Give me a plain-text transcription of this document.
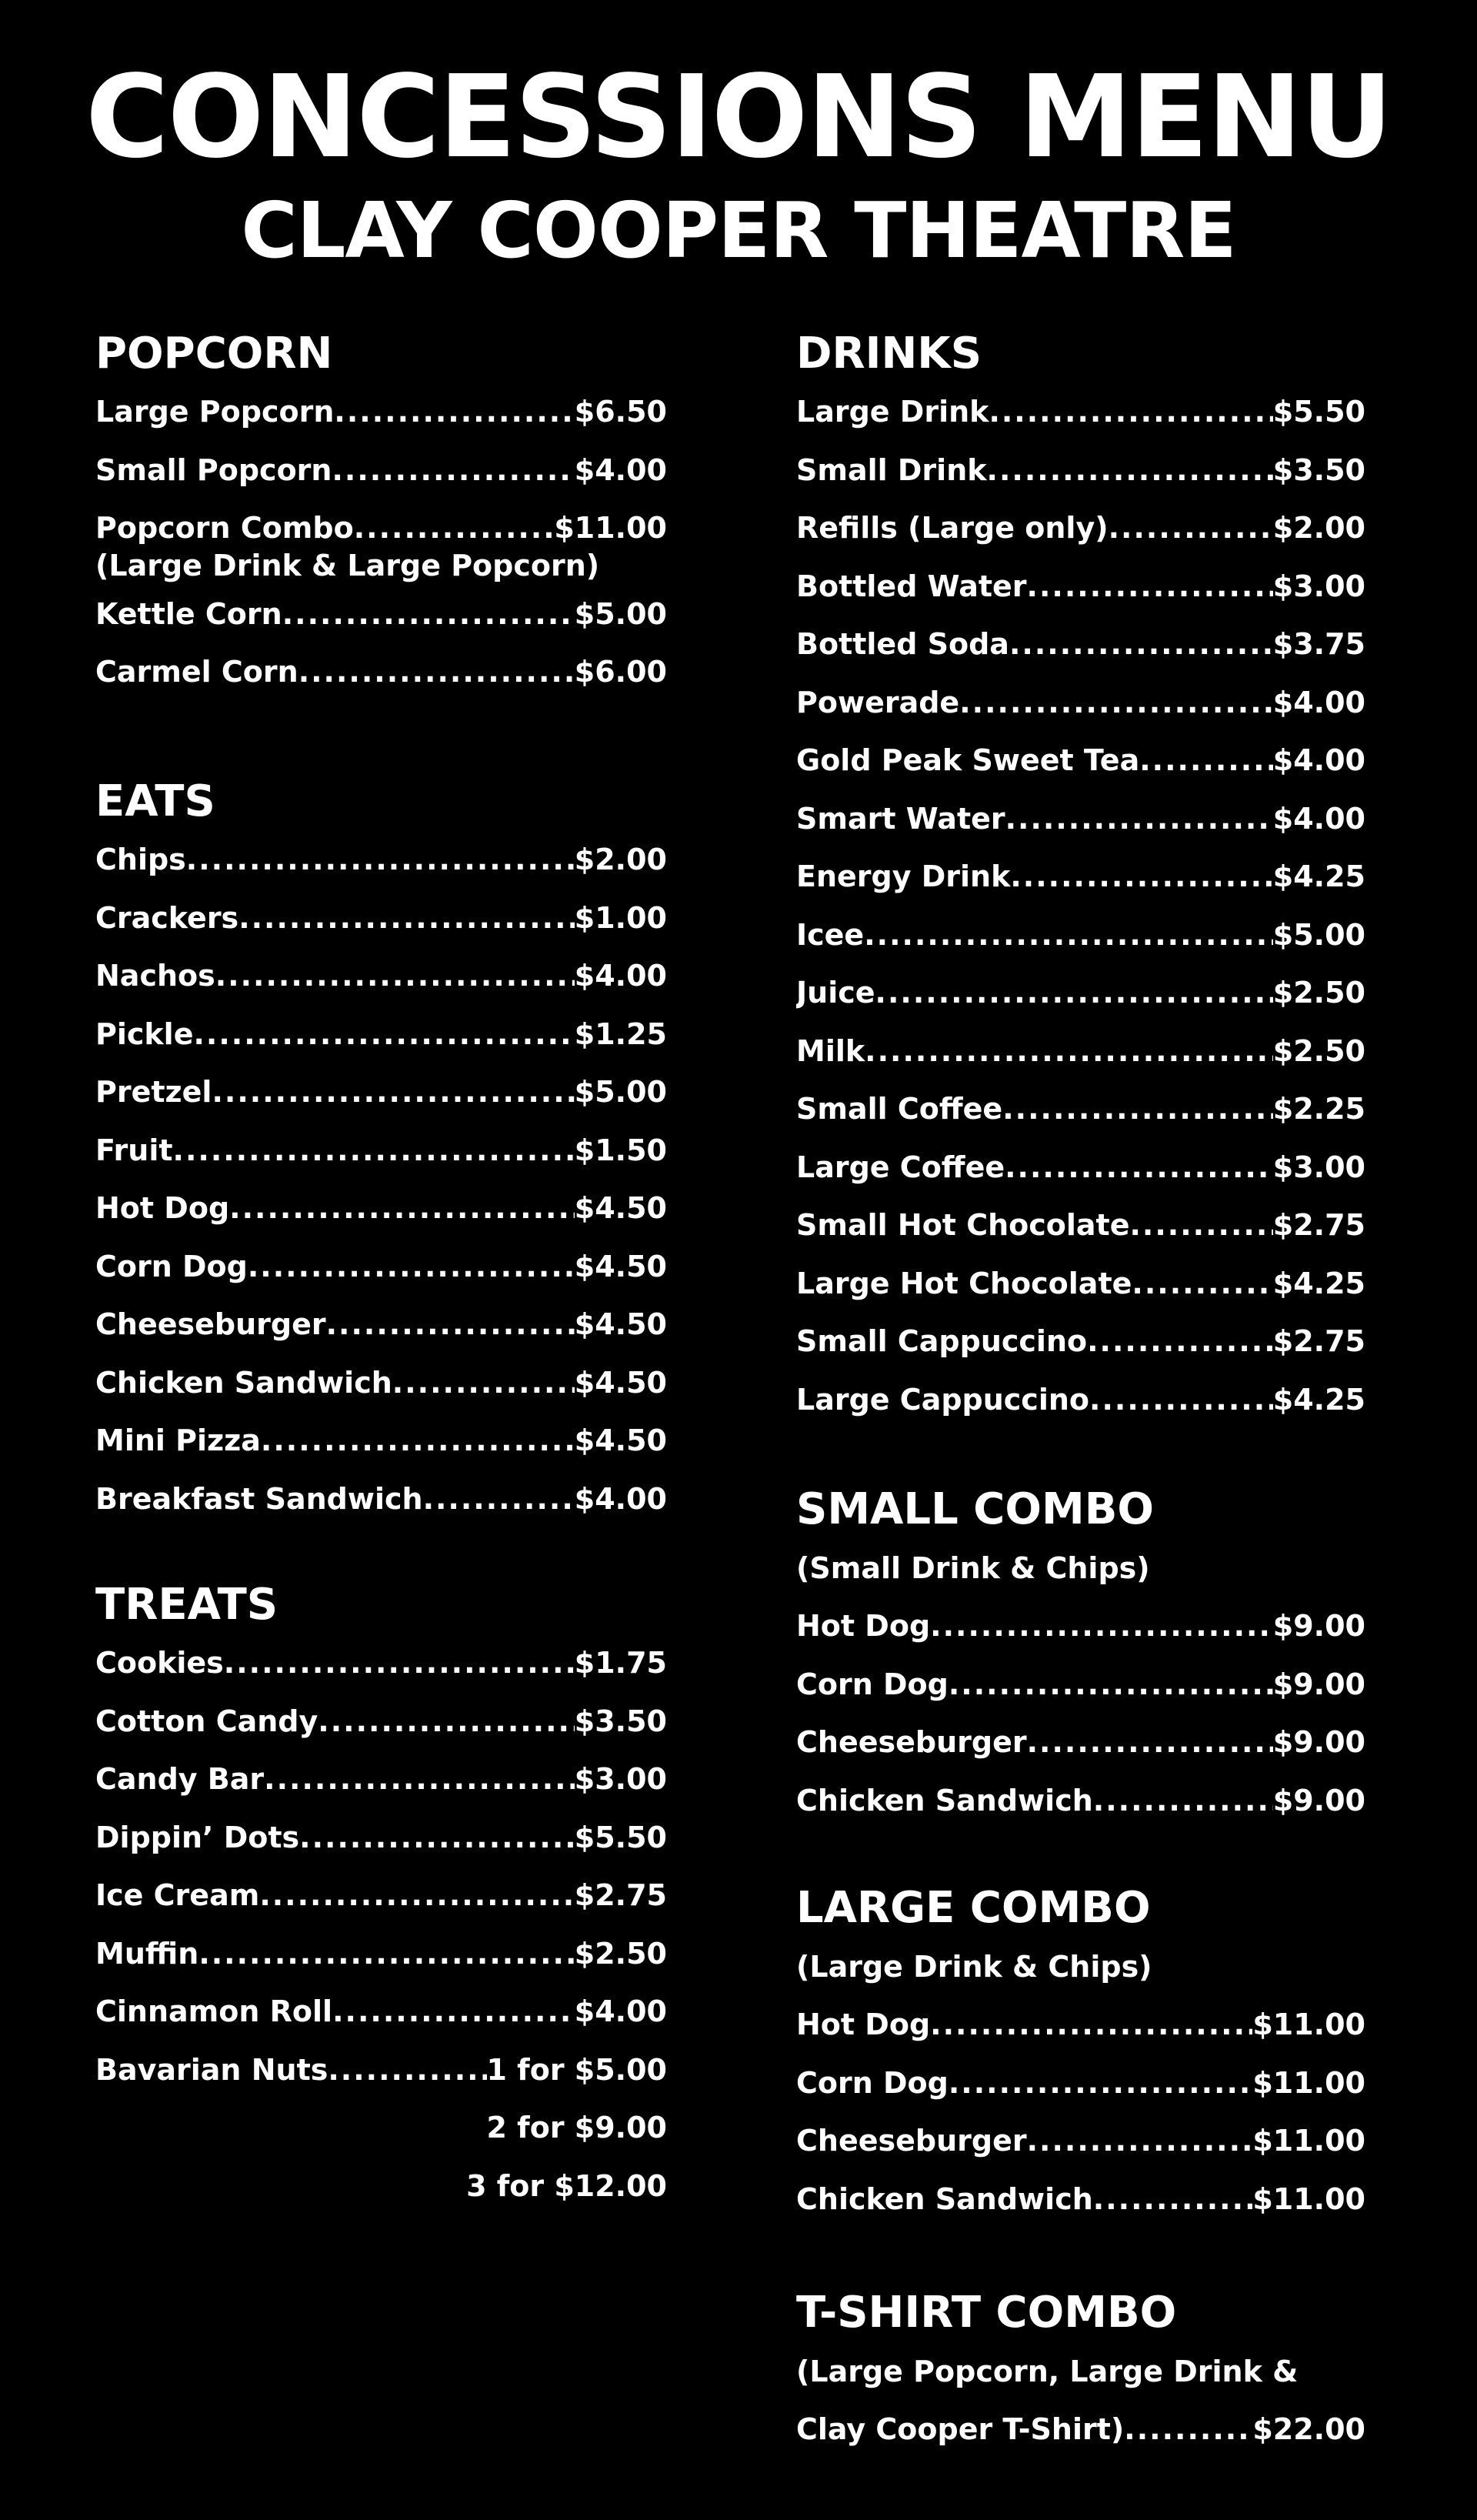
CONCESSIONS MENU
CLAY COOPER THEATRE
POPCORN
Large Popcorn .....	$6.50
Small Popcorn .....	$4.00
Popcorn Combo .....	$11.00
(Large Drink & Large Popcorn)
Kettle Corn .....	$5.00
Carmel Corn .....	$6.00
EATS
Chips .....	$2.00
Crackers .....	$1.00
Nachos .....	$4.00
Pickle .....	$1.25
Pretzel .....	$5.00
Fruit .....	$1.50
Hot Dog .....	$4.50
Corn Dog .....	$4.50
Cheeseburger .....	$4.50
Chicken Sandwich .....	$4.50
Mini Pizza .....	$4.50
Breakfast Sandwich .....	$4.00
TREATS
Cookies .....	$1.75
Cotton Candy .....	$3.50
Candy Bar .....	$3.00
Dippin’ Dots .....	$5.50
Ice Cream .....	$2.75
Muffin .....	$2.50
Cinnamon Roll .....	$4.00
Bavarian Nuts .....	1 for $5.00
2 for $9.00
3 for $12.00
DRINKS
Large Drink .....	$5.50
Small Drink .....	$3.50
Refills (Large only) .....	$2.00
Bottled Water .....	$3.00
Bottled Soda .....	$3.75
Powerade .....	$4.00
Gold Peak Sweet Tea .....	$4.00
Smart Water .....	$4.00
Energy Drink .....	$4.25
Icee .....	$5.00
Juice .....	$2.50
Milk .....	$2.50
Small Coffee .....	$2.25
Large Coffee .....	$3.00
Small Hot Chocolate .....	$2.75
Large Hot Chocolate .....	$4.25
Small Cappuccino .....	$2.75
Large Cappuccino .....	$4.25
SMALL COMBO
(Small Drink & Chips)
Hot Dog .....	$9.00
Corn Dog .....	$9.00
Cheeseburger .....	$9.00
Chicken Sandwich .....	$9.00
LARGE COMBO
(Large Drink & Chips)
Hot Dog .....	$11.00
Corn Dog .....	$11.00
Cheeseburger .....	$11.00
Chicken Sandwich .....	$11.00
T-SHIRT COMBO
(Large Popcorn, Large Drink &
Clay Cooper T-Shirt) .....	$22.00
